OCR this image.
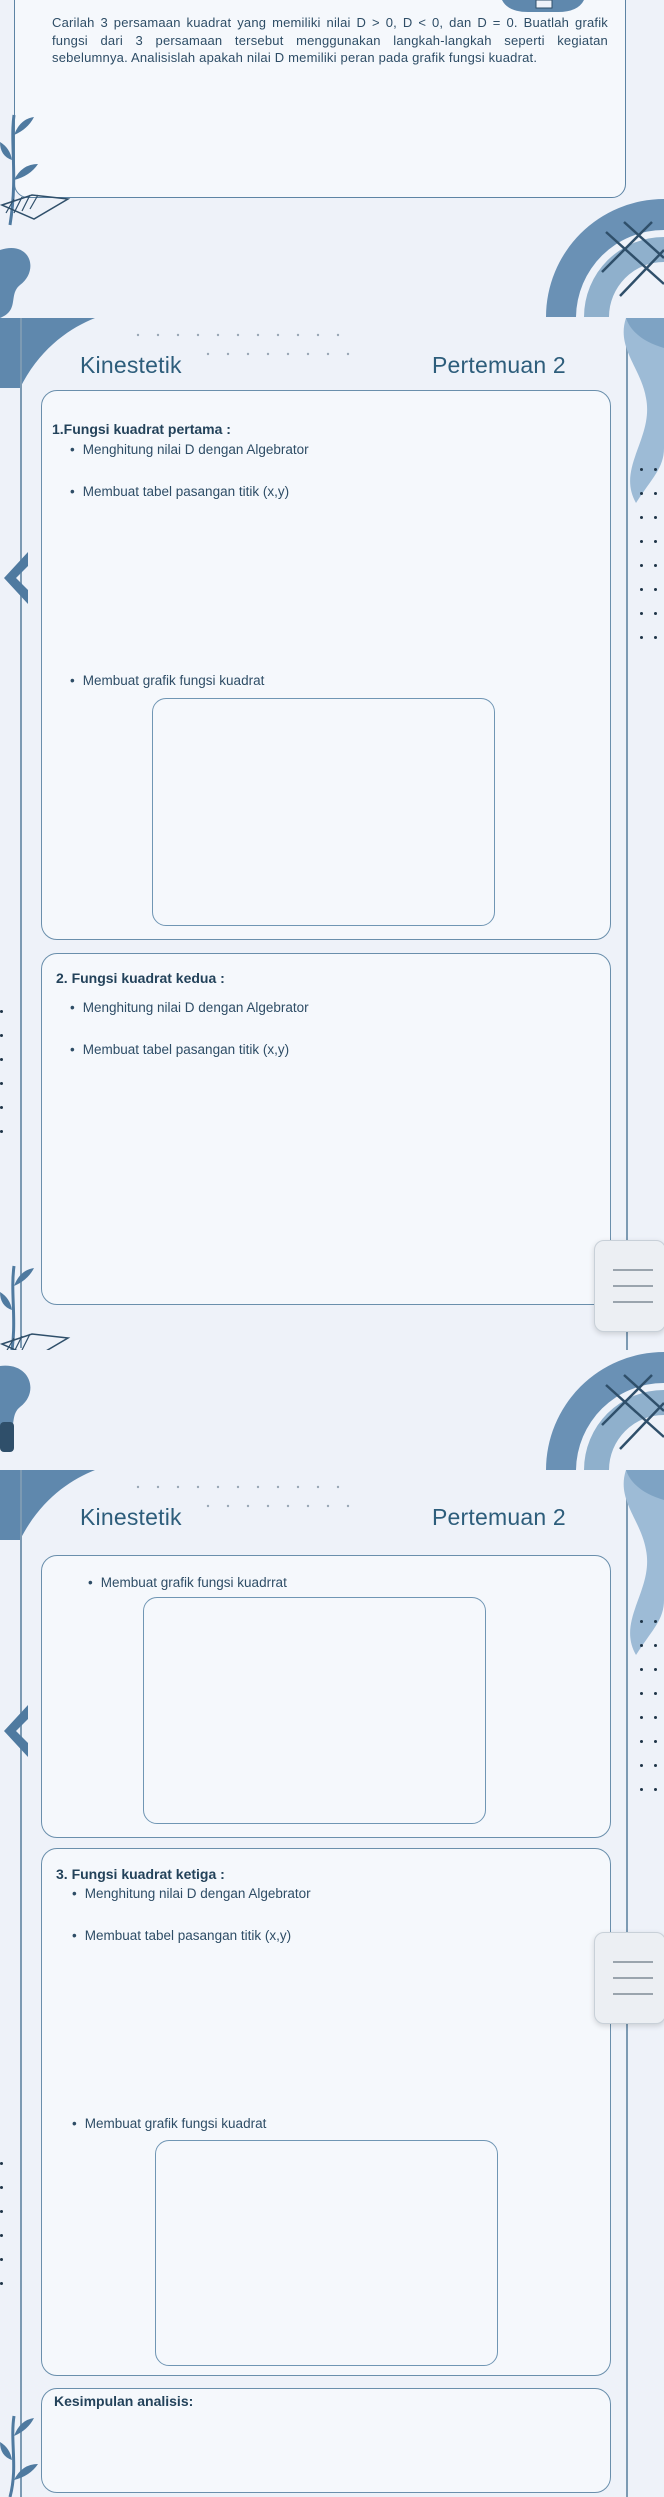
Carilah 3 persamaan kuadrat yang memiliki nilai D > 0, D < 0, dan D = 0. Buatlah grafik fungsi dari 3 persamaan tersebut menggunakan langkah-langkah seperti kegiatan sebelumnya. Analisislah apakah nilai D memiliki peran pada grafik fungsi kuadrat.
Kinestetik	Pertemuan 2
1.Fungsi kuadrat pertama :
• Menghitung nilai D dengan Algebrator
• Membuat tabel pasangan titik (x,y)
• Membuat grafik fungsi kuadrat
2. Fungsi kuadrat kedua :
• Menghitung nilai D dengan Algebrator
• Membuat tabel pasangan titik (x,y)
Kinestetik	Pertemuan 2
• Membuat grafik fungsi kuadrrat
3. Fungsi kuadrat ketiga :
• Menghitung nilai D dengan Algebrator
• Membuat tabel pasangan titik (x,y)
• Membuat grafik fungsi kuadrat
Kesimpulan analisis:
